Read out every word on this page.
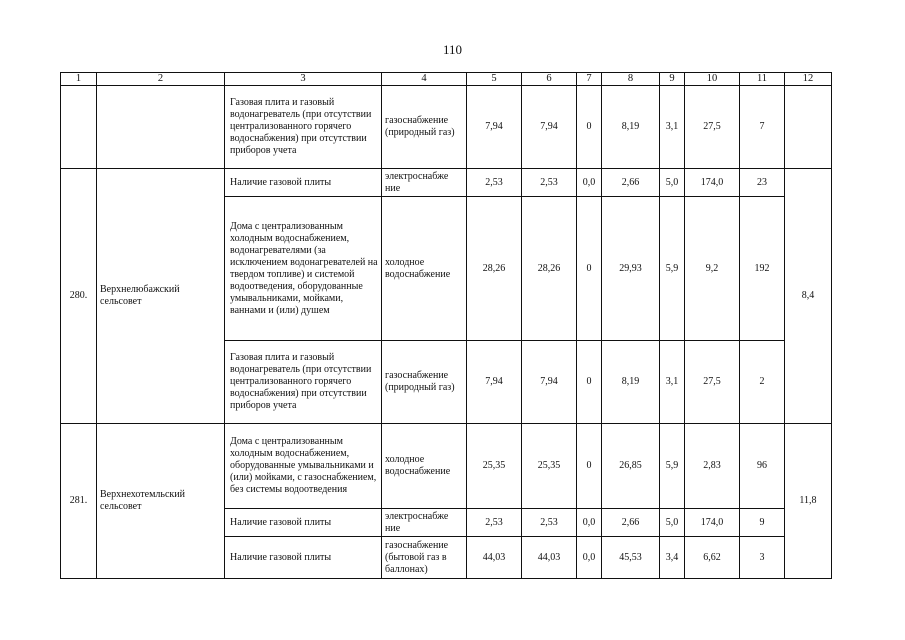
110
1	2	3	4	5	6	7	8	9	10	11	12
		Газовая плита и газовый водонагреватель (при отсутствии централизованного горячего водоснабжения) при отсутствии приборов учета	газоснабжение (природный газ)	7,94	7,94	0	8,19	3,1	27,5	7	
280.	Верхнелюбажский сельсовет	Наличие газовой плиты	электроснабже ние	2,53	2,53	0,0	2,66	5,0	174,0	23	8,4
		Дома с централизованным холодным водоснабжением, водонагревателями (за исключением водонагревателей на твердом топливе) и системой водоотведения, оборудованные умывальниками, мойками, ваннами и (или) душем	холодное водоснабжение	28,26	28,26	0	29,93	5,9	9,2	192	
		Газовая плита и газовый водонагреватель (при отсутствии централизованного горячего водоснабжения) при отсутствии приборов учета	газоснабжение (природный газ)	7,94	7,94	0	8,19	3,1	27,5	2	
281.	Верхнехотемльский сельсовет	Дома с централизованным холодным водоснабжением, оборудованные умывальниками и (или) мойками, с газоснабжением, без системы водоотведения	холодное водоснабжение	25,35	25,35	0	26,85	5,9	2,83	96	11,8
		Наличие газовой плиты	электроснабже ние	2,53	2,53	0,0	2,66	5,0	174,0	9	
		Наличие газовой плиты	газоснабжение (бытовой газ в баллонах)	44,03	44,03	0,0	45,53	3,4	6,62	3	
